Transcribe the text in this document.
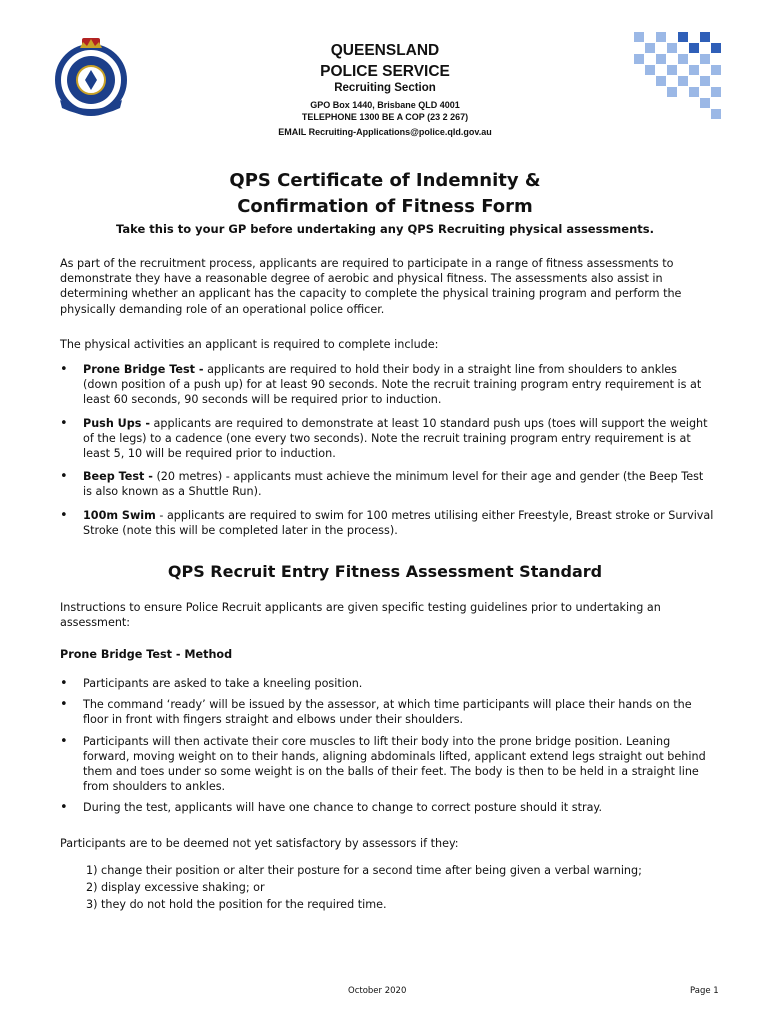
QUEENSLAND
POLICE SERVICE
Recruiting Section
GPO Box 1440, Brisbane QLD 4001
TELEPHONE 1300 BE A COP (23 2 267)
EMAIL Recruiting-Applications@police.qld.gov.au
QPS Certificate of Indemnity &
Confirmation of Fitness Form
Take this to your GP before undertaking any QPS Recruiting physical assessments.

As part of the recruitment process, applicants are required to participate in a range of fitness assessments to demonstrate they have a reasonable degree of aerobic and physical fitness. The assessments also assist in determining whether an applicant has the capacity to complete the physical training program and perform the physically demanding role of an operational police officer.

The physical activities an applicant is required to complete include:

• Prone Bridge Test - applicants are required to hold their body in a straight line from shoulders to ankles (down position of a push up) for at least 90 seconds. Note the recruit training program entry requirement is at least 60 seconds, 90 seconds will be required prior to induction.
• Push Ups - applicants are required to demonstrate at least 10 standard push ups (toes will support the weight of the legs) to a cadence (one every two seconds). Note the recruit training program entry requirement is at least 5, 10 will be required prior to induction.
• Beep Test - (20 metres) - applicants must achieve the minimum level for their age and gender (the Beep Test is also known as a Shuttle Run).
• 100m Swim - applicants are required to swim for 100 metres utilising either Freestyle, Breast stroke or Survival Stroke (note this will be completed later in the process).
QPS Recruit Entry Fitness Assessment Standard

Instructions to ensure Police Recruit applicants are given specific testing guidelines prior to undertaking an assessment:

Prone Bridge Test - Method
• Participants are asked to take a kneeling position.
• The command ‘ready’ will be issued by the assessor, at which time participants will place their hands on the floor in front with fingers straight and elbows under their shoulders.
• Participants will then activate their core muscles to lift their body into the prone bridge position. Leaning forward, moving weight on to their hands, aligning abdominals lifted, applicant extend legs straight out behind them and toes under so some weight is on the balls of their feet. The body is then to be held in a straight line from shoulders to ankles.
• During the test, applicants will have one chance to change to correct posture should it stray.

Participants are to be deemed not yet satisfactory by assessors if they:

1) change their position or alter their posture for a second time after being given a verbal warning;
2) display excessive shaking; or
3) they do not hold the position for the required time.
October 2020	Page 1
